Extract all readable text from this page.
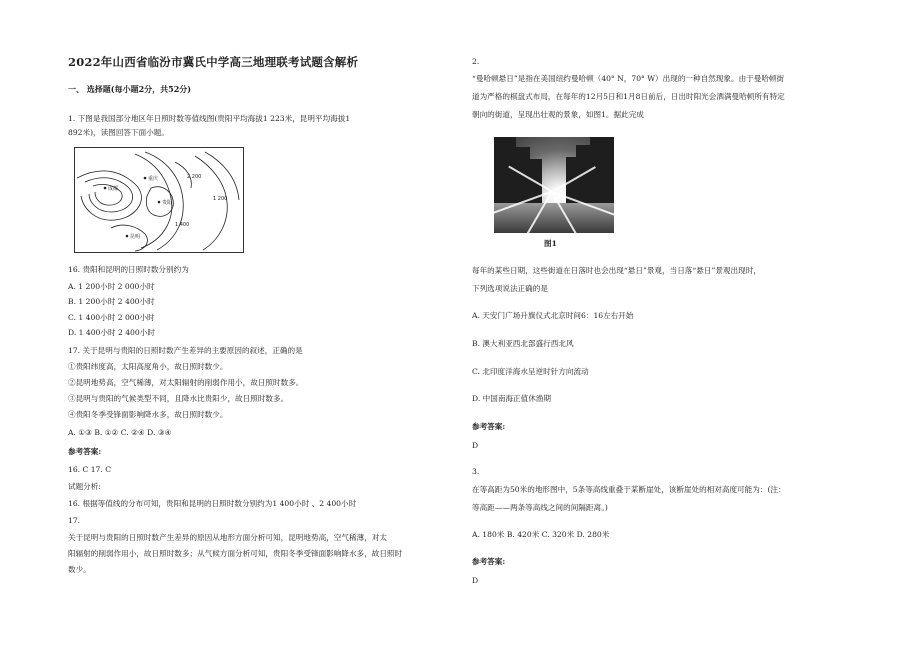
2022年山西省临汾市冀氏中学高三地理联考试题含解析
一、 选择题(每小题2分，共52分)
1. 下图是我国部分地区年日照时数等值线图(贵阳平均海拔1 223米，昆明平均海拔1
892米)，读图回答下面小题。
成都
重庆
贵阳
昆明
2 200
1 200
1 400
16. 贵阳和昆明的日照时数分别约为
A. 1 200小时 2 000小时
B. 1 200小时 2 400小时
C. 1 400小时 2 000小时
D. 1 400小时 2 400小时
17. 关于昆明与贵阳的日照时数产生差异的主要原因的叙述，正确的是
①贵阳纬度高，太阳高度角小，故日照时数少。
②昆明地势高，空气稀薄，对太阳辐射的削弱作用小，故日照时数多。
③昆明与贵阳的气候类型不同，且降水比贵阳少，故日照时数多。
④贵阳冬季受锋面影响降水多，故日照时数少。
A. ①③ B. ①② C. ②④ D. ③④
参考答案:
16. C 17. C
试题分析:
16. 根据等值线的分布可知，贵阳和昆明的日照时数分别约为1 400小时 、2 400小时
17.
关于昆明与贵阳的日照时数产生差异的原因从地形方面分析可知，昆明地势高，空气稀薄，对太
阳辐射的削弱作用小，故日照时数多；从气候方面分析可知，贵阳冬季受锋面影响降水多，故日照时
数少。
2.
“曼哈顿悬日”是指在美国纽约曼哈顿（40° N，70° W）出现的一种自然现象。由于曼哈顿街
道为严格的棋盘式布局，在每年的12月5日和1月8日前后，日出时阳光会洒满曼哈顿所有特定
朝向的街道，呈现出壮观的景象，如图1。据此完成
图1
每年的某些日期，这些街道在日落时也会出现“悬日”景观，当日落“悬日”景观出现时，
下列选项说法正确的是
A. 天安门广场升旗仪式北京时间6：16左右开始
B. 澳大利亚西北部盛行西北风
C. 北印度洋海水呈逆时针方向流动
D. 中国南海正值休渔期
参考答案:
D
3.
在等高距为50米的地形图中，5条等高线重叠于某断崖处，该断崖处的相对高度可能为：(注：
等高距——两条等高线之间的间隔距离。)
A. 180米 B. 420米 C. 320米 D. 280米
参考答案:
D
